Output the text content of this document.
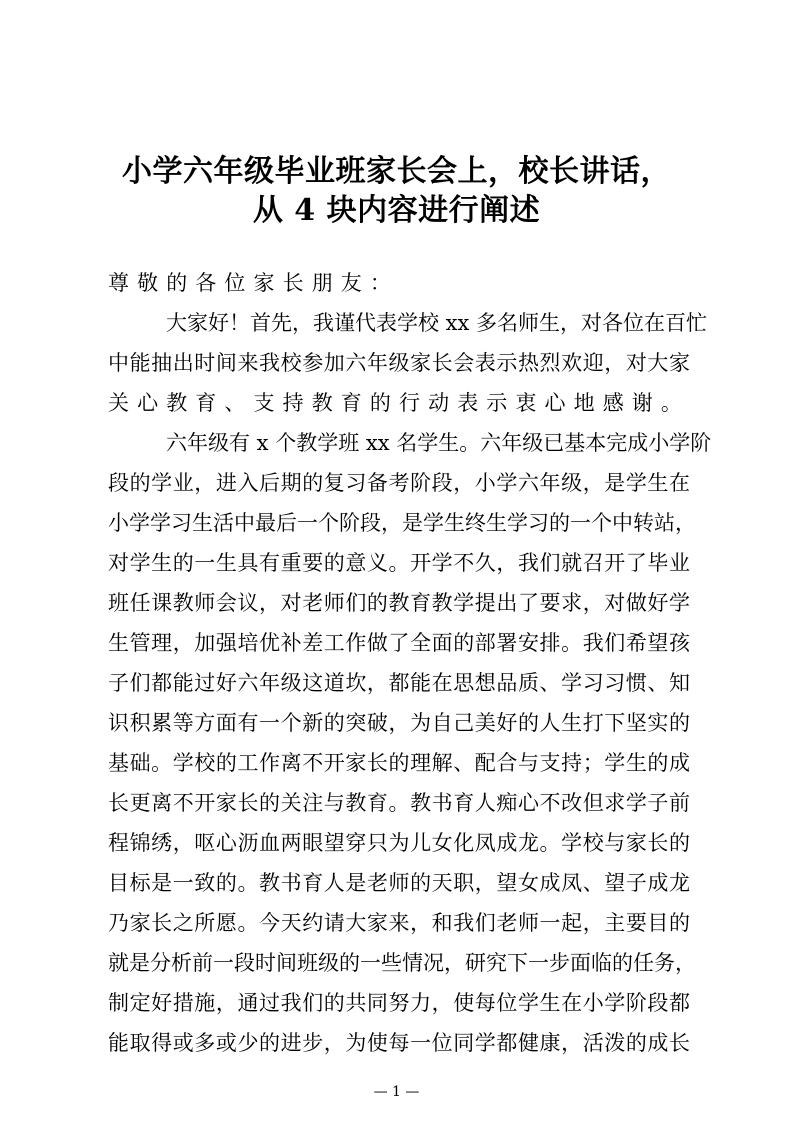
小学六年级毕业班家长会上，校长讲话，
从 4 块内容进行阐述
尊敬的各位家长朋友：
大家好！首先，我谨代表学校 xx 多名师生，对各位在百忙
中能抽出时间来我校参加六年级家长会表示热烈欢迎，对大家
关心教育、支持教育的行动表示衷心地感谢。
六年级有 x 个教学班 xx 名学生。六年级已基本完成小学阶
段的学业，进入后期的复习备考阶段，小学六年级，是学生在
小学学习生活中最后一个阶段，是学生终生学习的一个中转站，
对学生的一生具有重要的意义。开学不久，我们就召开了毕业
班任课教师会议，对老师们的教育教学提出了要求，对做好学
生管理，加强培优补差工作做了全面的部署安排。我们希望孩
子们都能过好六年级这道坎，都能在思想品质、学习习惯、知
识积累等方面有一个新的突破，为自己美好的人生打下坚实的
基础。学校的工作离不开家长的理解、配合与支持；学生的成
长更离不开家长的关注与教育。教书育人痴心不改但求学子前
程锦绣，呕心沥血两眼望穿只为儿女化凤成龙。学校与家长的
目标是一致的。教书育人是老师的天职，望女成凤、望子成龙
乃家长之所愿。今天约请大家来，和我们老师一起，主要目的
就是分析前一段时间班级的一些情况，研究下一步面临的任务，
制定好措施，通过我们的共同努力，使每位学生在小学阶段都
能取得或多或少的进步，为使每一位同学都健康，活泼的成长
— 1 —
